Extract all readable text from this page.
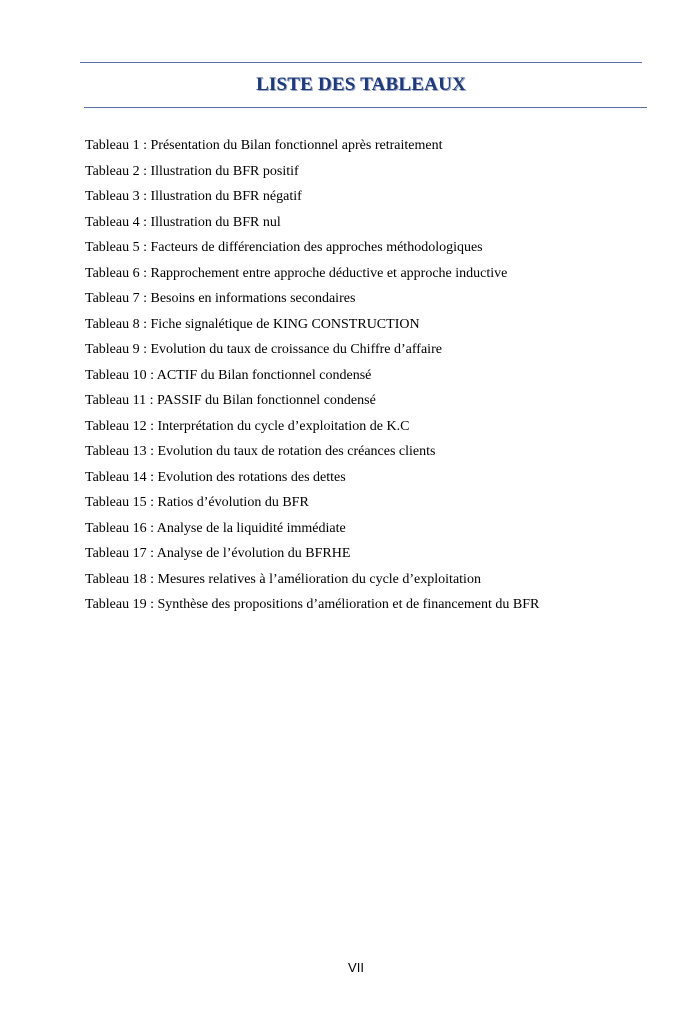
LISTE DES TABLEAUX
Tableau 1 : Présentation du Bilan fonctionnel après retraitement
Tableau 2 : Illustration du BFR positif
Tableau 3 : Illustration du BFR négatif
Tableau 4 : Illustration du BFR nul
Tableau 5 : Facteurs de différenciation des approches méthodologiques
Tableau 6 : Rapprochement entre approche déductive et approche inductive
Tableau 7 : Besoins en informations secondaires
Tableau 8 : Fiche signalétique de KING CONSTRUCTION
Tableau 9 : Evolution du taux de croissance du Chiffre d’affaire
Tableau 10 : ACTIF du Bilan fonctionnel condensé
Tableau 11 : PASSIF du Bilan fonctionnel condensé
Tableau 12 : Interprétation du cycle d’exploitation de K.C
Tableau 13 : Evolution du taux de rotation des créances clients
Tableau 14 : Evolution des rotations des dettes
Tableau 15 : Ratios d’évolution du BFR
Tableau 16 : Analyse de la liquidité immédiate
Tableau 17 : Analyse de l’évolution du BFRHE
Tableau 18 : Mesures relatives à l’amélioration du cycle d’exploitation
Tableau 19 : Synthèse des propositions d’amélioration et de financement du BFR
VII
